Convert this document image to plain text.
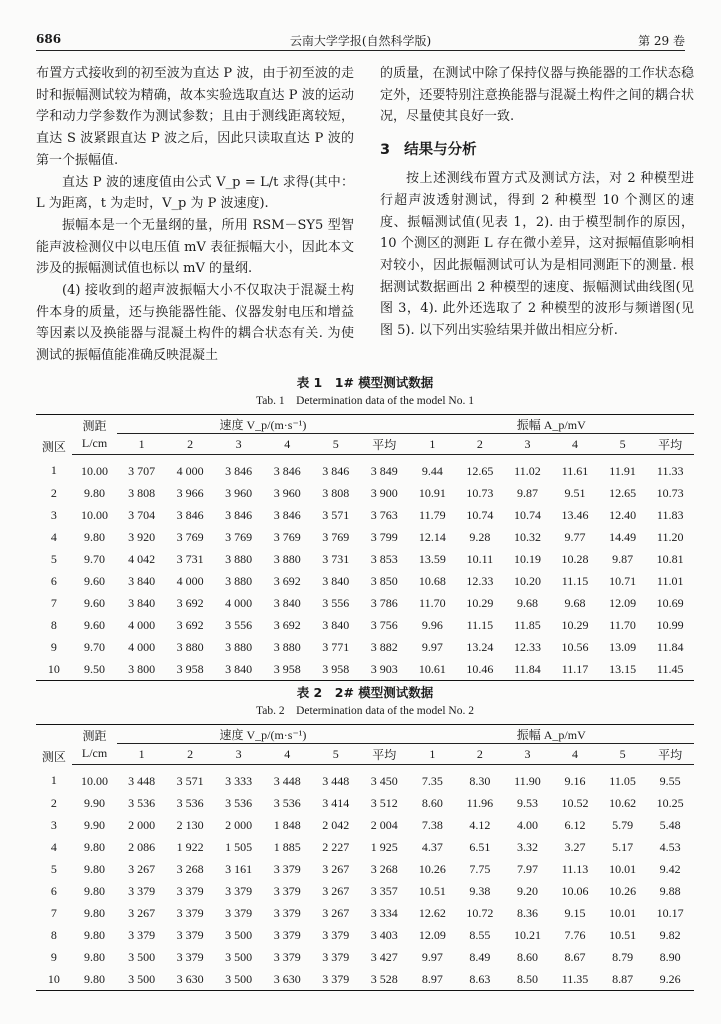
686	云南大学学报(自然科学版)	第 29 卷

布置方式接收到的初至波为直达 P 波，由于初至波的走时和振幅测试较为精确，故本实验选取直达 P 波的运动学和动力学参数作为测试参数；且由于测线距离较短，直达 S 波紧跟直达 P 波之后，因此只读取直达 P 波的第一个振幅值.

直达 P 波的速度值由公式 V_p = L/t 求得(其中：L 为距离，t 为走时，V_p 为 P 波速度).

振幅本是一个无量纲的量，所用 RSM－SY5 型智能声波检测仪中以电压值 mV 表征振幅大小，因此本文涉及的振幅测试值也标以 mV 的量纲.

(4) 接收到的超声波振幅大小不仅取决于混凝土构件本身的质量，还与换能器性能、仪器发射电压和增益等因素以及换能器与混凝土构件的耦合状态有关. 为使测试的振幅值能准确反映混凝土

的质量，在测试中除了保持仪器与换能器的工作状态稳定外，还要特别注意换能器与混凝土构件之间的耦合状况，尽量使其良好一致.

3 结果与分析

按上述测线布置方式及测试方法，对 2 种模型进行超声波透射测试，得到 2 种模型 10 个测区的速度、振幅测试值(见表 1，2). 由于模型制作的原因，10 个测区的测距 L 存在微小差异，这对振幅值影响相对较小，因此振幅测试可认为是相同测距下的测量. 根据测试数据画出 2 种模型的速度、振幅测试曲线图(见图 3，4). 此外还选取了 2 种模型的波形与频谱图(见图 5). 以下列出实验结果并做出相应分析.

表 1　1# 模型测试数据
Tab. 1　Determination data of the model No. 1
测区	测距	速度 V_p/(m·s⁻¹)						振幅 A_p/mV					
	L/cm	1	2	3	4	5	平均	1	2	3	4	5	平均
1	10.00	3 707	4 000	3 846	3 846	3 846	3 849	9.44	12.65	11.02	11.61	11.91	11.33
2	9.80	3 808	3 966	3 960	3 960	3 808	3 900	10.91	10.73	9.87	9.51	12.65	10.73
3	10.00	3 704	3 846	3 846	3 846	3 571	3 763	11.79	10.74	10.74	13.46	12.40	11.83
4	9.80	3 920	3 769	3 769	3 769	3 769	3 799	12.14	9.28	10.32	9.77	14.49	11.20
5	9.70	4 042	3 731	3 880	3 880	3 731	3 853	13.59	10.11	10.19	10.28	9.87	10.81
6	9.60	3 840	4 000	3 880	3 692	3 840	3 850	10.68	12.33	10.20	11.15	10.71	11.01
7	9.60	3 840	3 692	4 000	3 840	3 556	3 786	11.70	10.29	9.68	9.68	12.09	10.69
8	9.60	4 000	3 692	3 556	3 692	3 840	3 756	9.96	11.15	11.85	10.29	11.70	10.99
9	9.70	4 000	3 880	3 880	3 880	3 771	3 882	9.97	13.24	12.33	10.56	13.09	11.84
10	9.50	3 800	3 958	3 840	3 958	3 958	3 903	10.61	10.46	11.84	11.17	13.15	11.45
表 2　2# 模型测试数据
Tab. 2　Determination data of the model No. 2
测区	测距	速度 V_p/(m·s⁻¹)						振幅 A_p/mV					
	L/cm	1	2	3	4	5	平均	1	2	3	4	5	平均
1	10.00	3 448	3 571	3 333	3 448	3 448	3 450	7.35	8.30	11.90	9.16	11.05	9.55
2	9.90	3 536	3 536	3 536	3 536	3 414	3 512	8.60	11.96	9.53	10.52	10.62	10.25
3	9.90	2 000	2 130	2 000	1 848	2 042	2 004	7.38	4.12	4.00	6.12	5.79	5.48
4	9.80	2 086	1 922	1 505	1 885	2 227	1 925	4.37	6.51	3.32	3.27	5.17	4.53
5	9.80	3 267	3 268	3 161	3 379	3 267	3 268	10.26	7.75	7.97	11.13	10.01	9.42
6	9.80	3 379	3 379	3 379	3 379	3 267	3 357	10.51	9.38	9.20	10.06	10.26	9.88
7	9.80	3 267	3 379	3 379	3 379	3 267	3 334	12.62	10.72	8.36	9.15	10.01	10.17
8	9.80	3 379	3 379	3 500	3 379	3 379	3 403	12.09	8.55	10.21	7.76	10.51	9.82
9	9.80	3 500	3 379	3 500	3 379	3 379	3 427	9.97	8.49	8.60	8.67	8.79	8.90
10	9.80	3 500	3 630	3 500	3 630	3 379	3 528	8.97	8.63	8.50	11.35	8.87	9.26
